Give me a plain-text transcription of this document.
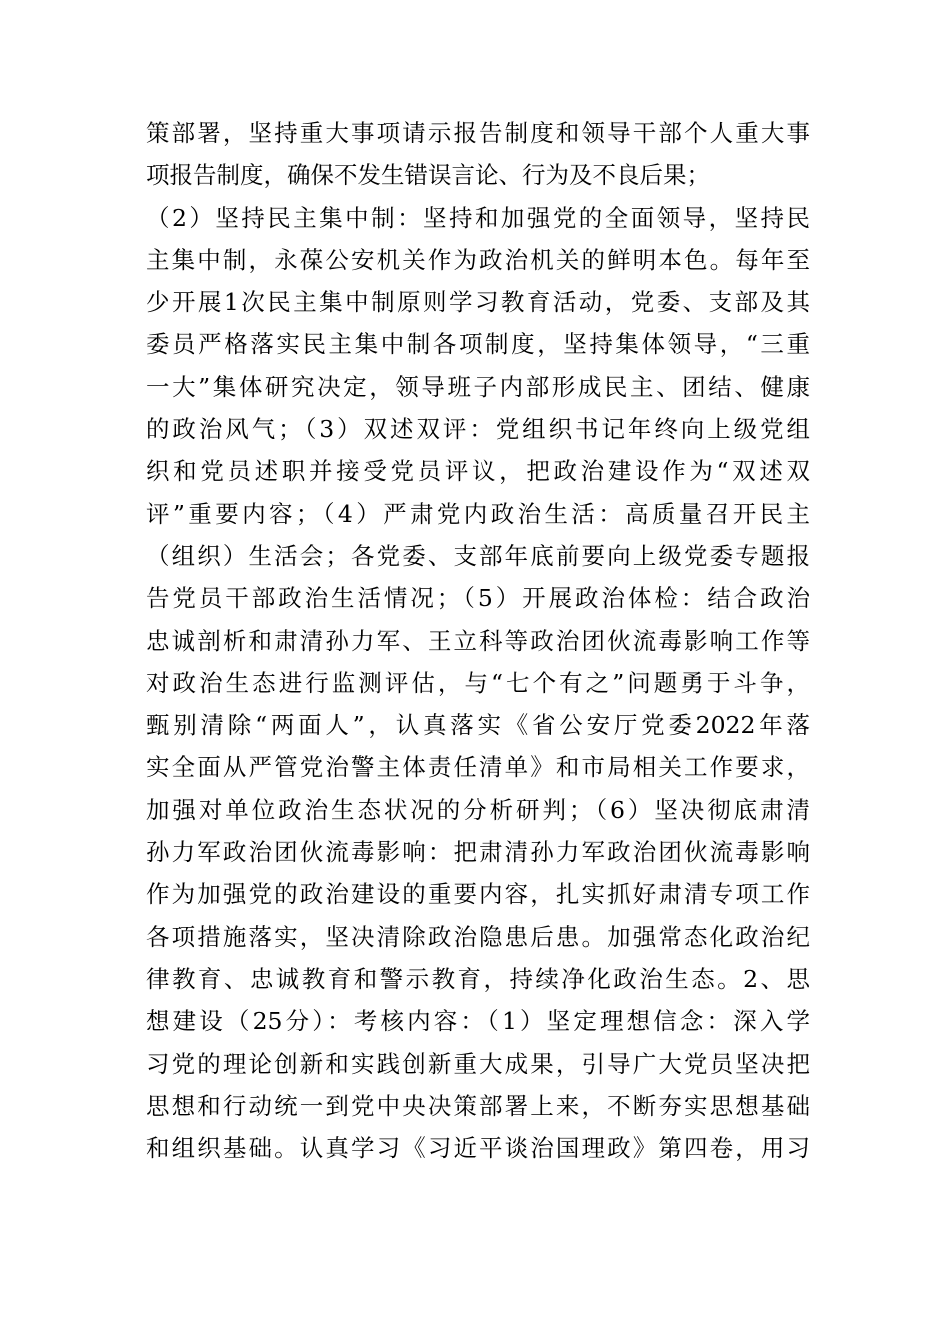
策部署，坚持重大事项请示报告制度和领导干部个人重大事
项报告制度，确保不发生错误言论、行为及不良后果；
（2）坚持民主集中制：坚持和加强党的全面领导，坚持民
主集中制，永葆公安机关作为政治机关的鲜明本色。每年至
少开展1次民主集中制原则学习教育活动，党委、支部及其
委员严格落实民主集中制各项制度，坚持集体领导，“三重
一大”集体研究决定，领导班子内部形成民主、团结、健康
的政治风气；（3）双述双评：党组织书记年终向上级党组
织和党员述职并接受党员评议，把政治建设作为“双述双
评”重要内容；（4）严肃党内政治生活：高质量召开民主
（组织）生活会；各党委、支部年底前要向上级党委专题报
告党员干部政治生活情况；（5）开展政治体检：结合政治
忠诚剖析和肃清孙力军、王立科等政治团伙流毒影响工作等
对政治生态进行监测评估，与“七个有之”问题勇于斗争，
甄别清除“两面人”，认真落实《省公安厅党委2022年落
实全面从严管党治警主体责任清单》和市局相关工作要求，
加强对单位政治生态状况的分析研判；（6）坚决彻底肃清
孙力军政治团伙流毒影响：把肃清孙力军政治团伙流毒影响
作为加强党的政治建设的重要内容，扎实抓好肃清专项工作
各项措施落实，坚决清除政治隐患后患。加强常态化政治纪
律教育、忠诚教育和警示教育，持续净化政治生态。2、思
想建设（25分）：考核内容：（1）坚定理想信念：深入学
习党的理论创新和实践创新重大成果，引导广大党员坚决把
思想和行动统一到党中央决策部署上来，不断夯实思想基础
和组织基础。认真学习《习近平谈治国理政》第四卷，用习
